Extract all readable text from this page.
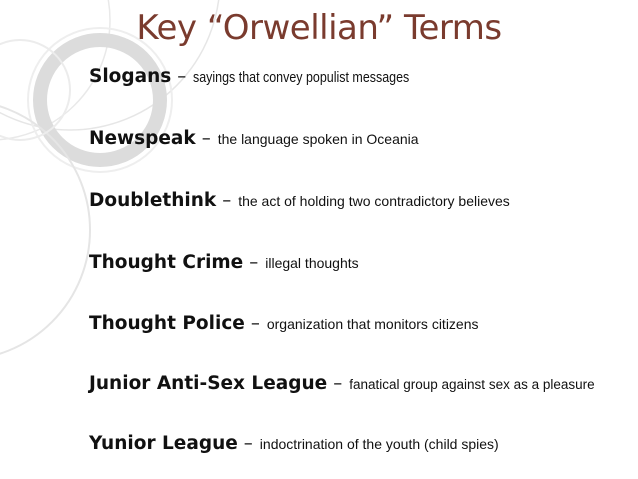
Key “Orwellian” Terms
Slogans – sayings that convey populist messages
Newspeak – the language spoken in Oceania
Doublethink – the act of holding two contradictory believes
Thought Crime – illegal thoughts
Thought Police – organization that monitors citizens
Junior Anti-Sex League – fanatical group against sex as a pleasure
Yunior League – indoctrination of the youth (child spies)
